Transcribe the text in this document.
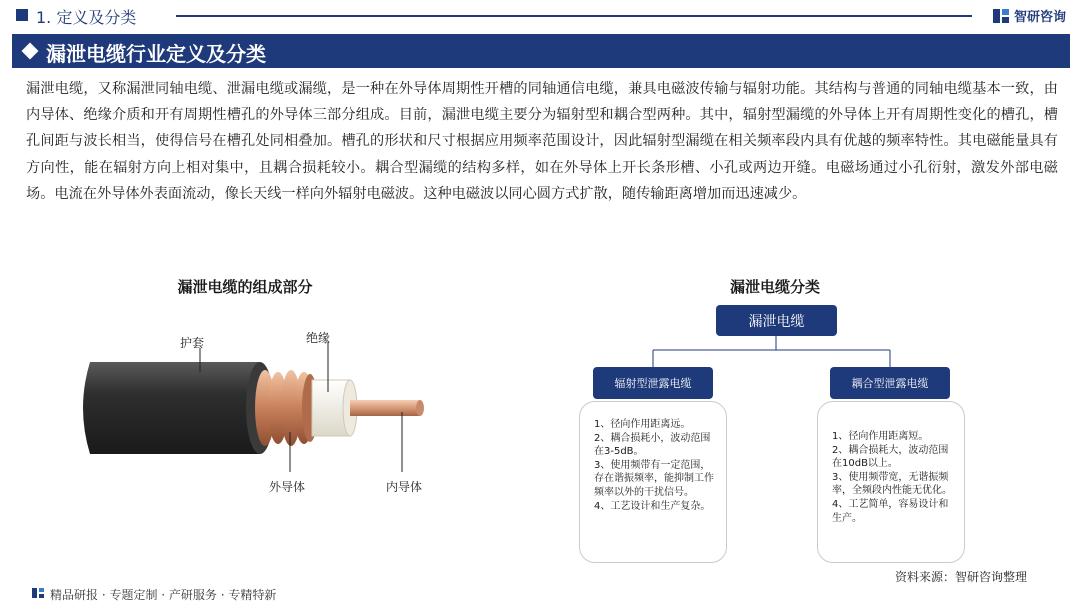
1. 定义及分类	智研咨询
漏泄电缆行业定义及分类
漏泄电缆，又称漏泄同轴电缆、泄漏电缆或漏缆，是一种在外导体周期性开槽的同轴通信电缆，兼具电磁波传输与辐射功能。其结构与普通的同轴电缆基本一致，由内导体、绝缘介质和开有周期性槽孔的外导体三部分组成。目前，漏泄电缆主要分为辐射型和耦合型两种。其中，辐射型漏缆的外导体上开有周期性变化的槽孔，槽孔间距与波长相当，使得信号在槽孔处同相叠加。槽孔的形状和尺寸根据应用频率范围设计，因此辐射型漏缆在相关频率段内具有优越的频率特性。其电磁能量具有方向性，能在辐射方向上相对集中，且耦合损耗较小。耦合型漏缆的结构多样，如在外导体上开长条形槽、小孔或两边开缝。电磁场通过小孔衍射，激发外部电磁场。电流在外导体外表面流动，像长天线一样向外辐射电磁波。这种电磁波以同心圆方式扩散，随传输距离增加而迅速减少。
漏泄电缆的组成部分
护套	绝缘
外导体	内导体
漏泄电缆分类
漏泄电缆
辐射型泄露电缆	耦合型泄露电缆
1、径向作用距离远。
2、耦合损耗小，波动范围在3-5dB。
3、使用频带有一定范围，存在谐振频率，能抑制工作频率以外的干扰信号。
4、工艺设计和生产复杂。
1、径向作用距离短。
2、耦合损耗大，波动范围在10dB以上。
3、使用频带宽，无谐振频率，全频段内性能无优化。
4、工艺简单，容易设计和生产。
资料来源：智研咨询整理
精品研报 · 专题定制 · 产研服务 · 专精特新
